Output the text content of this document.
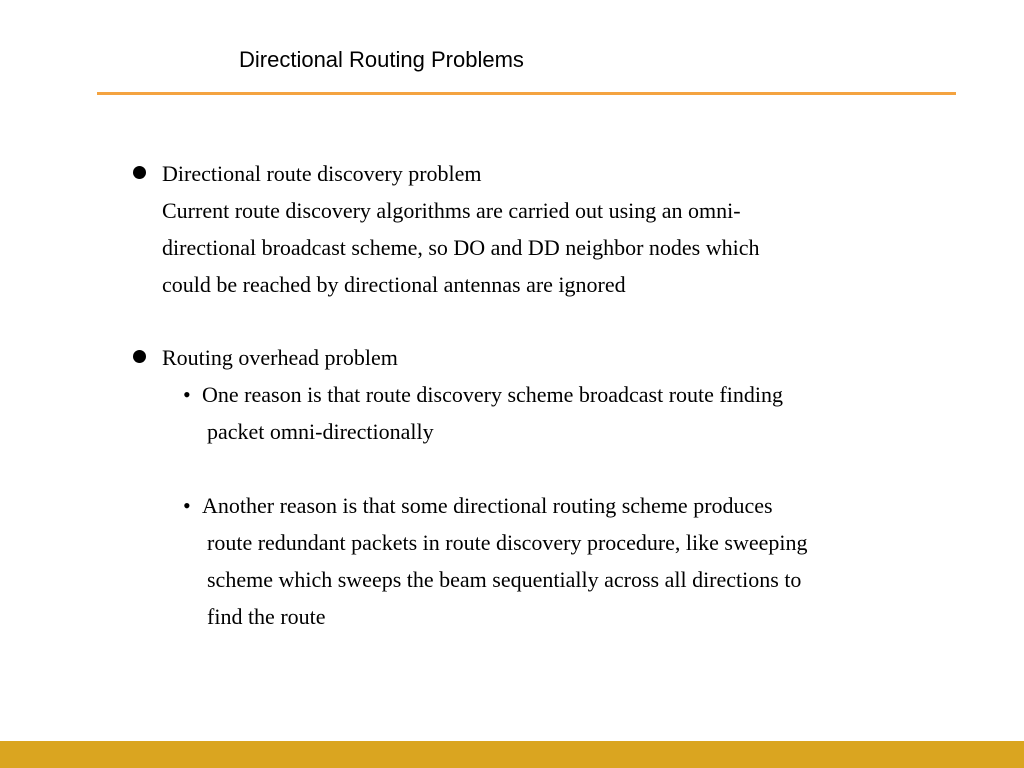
Directional Routing Problems
Directional route discovery problem
Current route discovery algorithms are carried out using an omni-
directional broadcast scheme, so DO and DD neighbor nodes which
could be reached by directional antennas are ignored
Routing overhead problem
• One reason is that route discovery scheme broadcast route finding
packet omni-directionally
• Another reason is that some directional routing scheme produces
route redundant packets in route discovery procedure, like sweeping
scheme which sweeps the beam sequentially across all directions to
find the route
